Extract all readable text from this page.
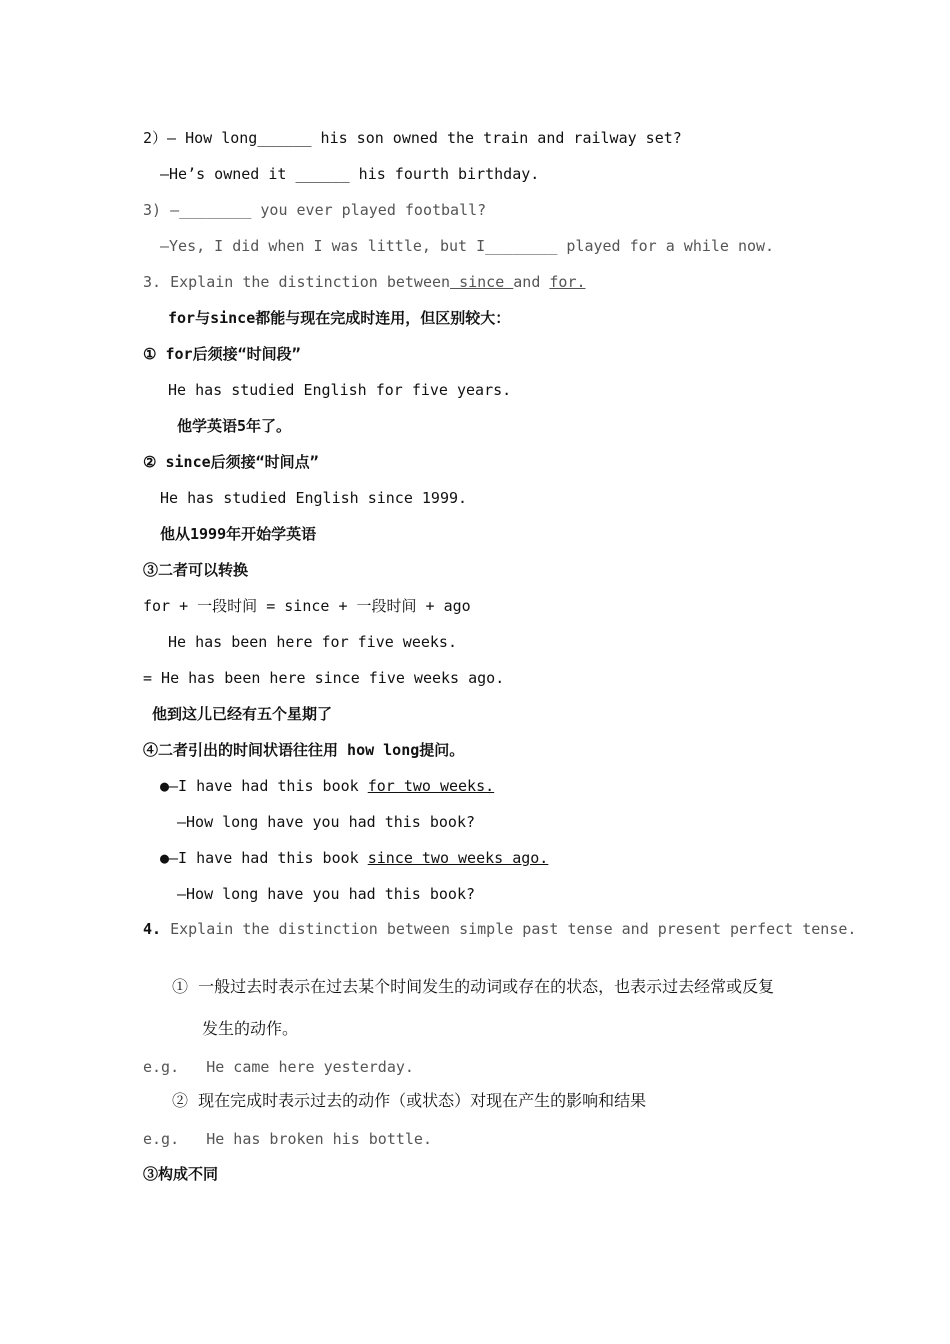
2）— How long______ his son owned the train and railway set?
—He’s owned it ______ his fourth birthday.
3) —________ you ever played football?
—Yes, I did when I was little, but I________ played for a while now.
3. Explain the distinction between since and for.
for与since都能与现在完成时连用，但区别较大：
① for后须接“时间段”
He has studied English for five years.
他学英语5年了。
② since后须接“时间点”
He has studied English since 1999.
他从1999年开始学英语
③二者可以转换
for + 一段时间 = since + 一段时间 + ago
He has been here for five weeks.
= He has been here since five weeks ago.
他到这儿已经有五个星期了
④二者引出的时间状语往往用 how long提问。
●—I have had this book for two weeks.
—How long have you had this book?
●—I have had this book since two weeks ago.
—How long have you had this book?
4. Explain the distinction between simple past tense and present perfect tense.
①  一般过去时表示在过去某个时间发生的动词或存在的状态，也表示过去经常或反复
发生的动作。
e.g.   He came here yesterday.
②  现在完成时表示过去的动作（或状态）对现在产生的影响和结果
e.g.   He has broken his bottle.
③构成不同
